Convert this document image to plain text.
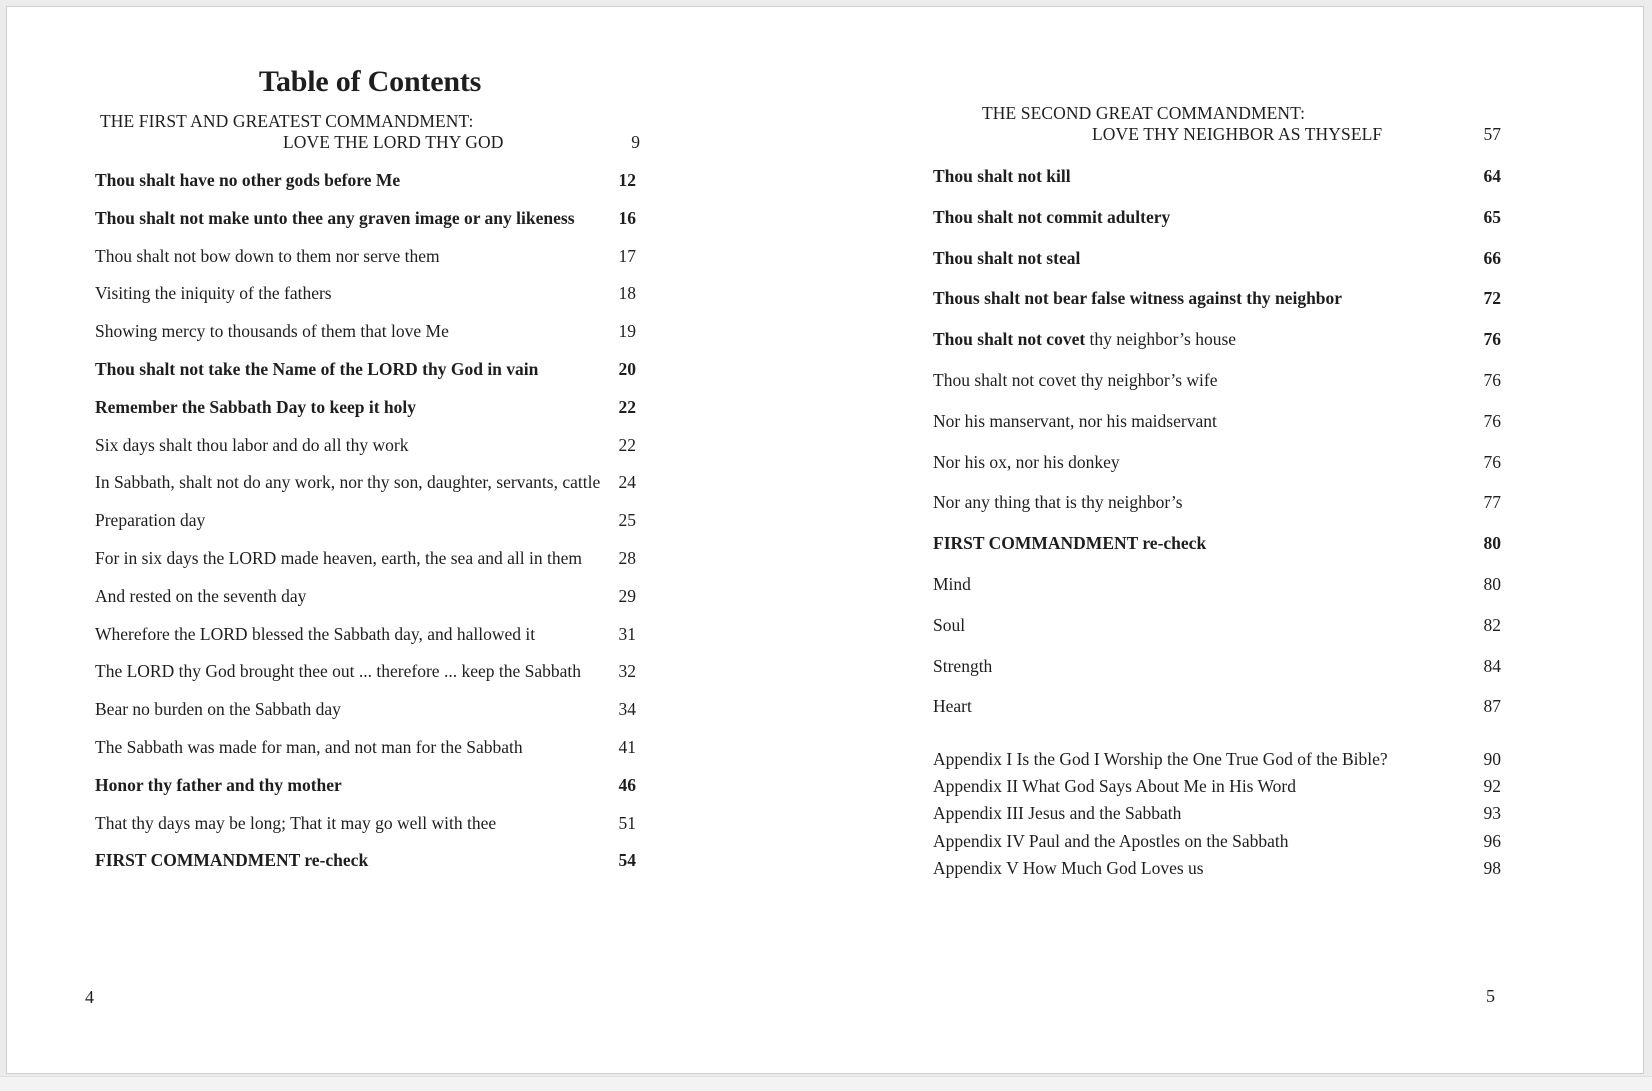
Table of Contents
THE FIRST AND GREATEST COMMANDMENT:
LOVE THE LORD THY GOD	9
Thou shalt have no other gods before Me	12
Thou shalt not make unto thee any graven image or any likeness	16
Thou shalt not bow down to them nor serve them	17
Visiting the iniquity of the fathers	18
Showing mercy to thousands of them that love Me	19
Thou shalt not take the Name of the LORD thy God in vain	20
Remember the Sabbath Day to keep it holy	22
Six days shalt thou labor and do all thy work	22
In Sabbath, shalt not do any work, nor thy son, daughter, servants, cattle	24
Preparation day	25
For in six days the LORD made heaven, earth, the sea and all in them	28
And rested on the seventh day	29
Wherefore the LORD blessed the Sabbath day, and hallowed it	31
The LORD thy God brought thee out ... therefore ... keep the Sabbath	32
Bear no burden on the Sabbath day	34
The Sabbath was made for man, and not man for the Sabbath	41
Honor thy father and thy mother	46
That thy days may be long; That it may go well with thee	51
FIRST COMMANDMENT re-check	54
4
THE SECOND GREAT COMMANDMENT:
LOVE THY NEIGHBOR AS THYSELF	57
Thou shalt not kill	64
Thou shalt not commit adultery	65
Thou shalt not steal	66
Thous shalt not bear false witness against thy neighbor	72
Thou shalt not covet thy neighbor’s house	76
Thou shalt not covet thy neighbor’s wife	76
Nor his manservant, nor his maidservant	76
Nor his ox, nor his donkey	76
Nor any thing that is thy neighbor’s	77
FIRST COMMANDMENT re-check	80
Mind	80
Soul	82
Strength	84
Heart	87
Appendix I Is the God I Worship the One True God of the Bible?	90
Appendix II What God Says About Me in His Word	92
Appendix III Jesus and the Sabbath	93
Appendix IV Paul and the Apostles on the Sabbath	96
Appendix V How Much God Loves us	98
5
